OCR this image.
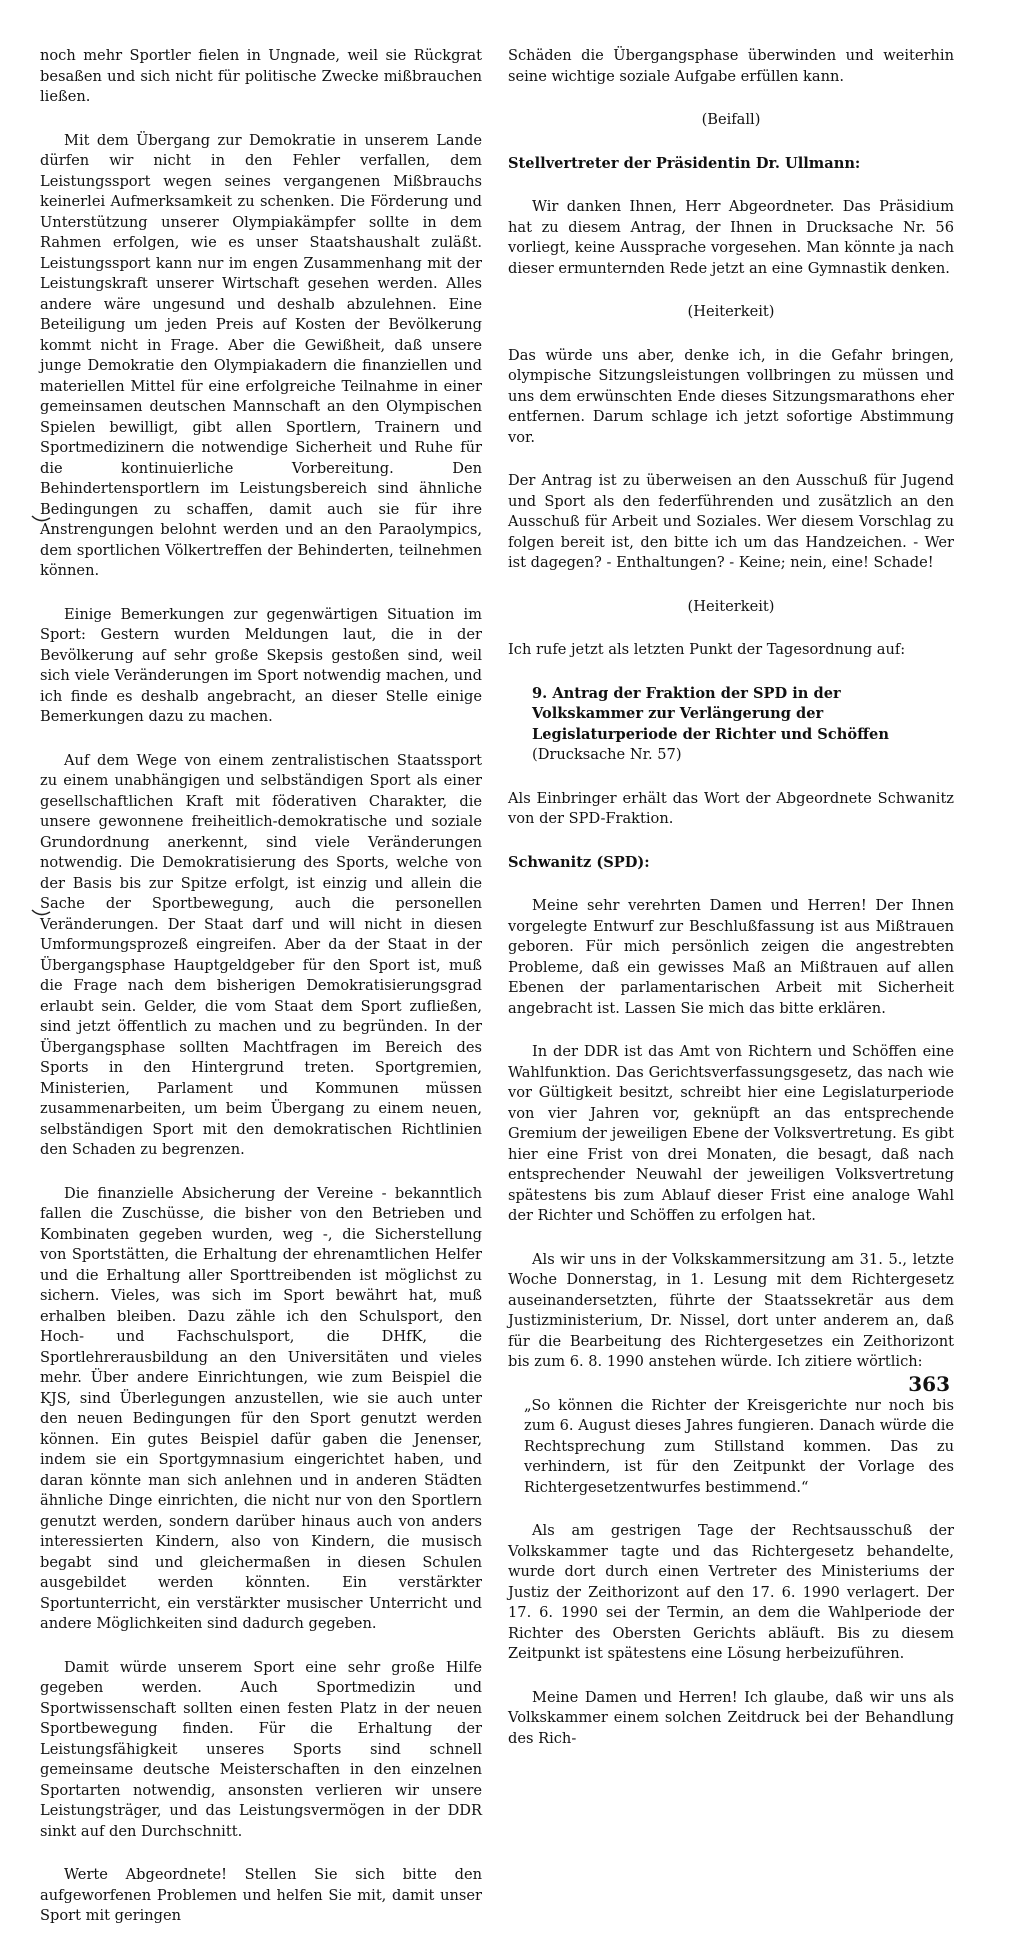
noch mehr Sportler fielen in Ungnade, weil sie Rückgrat besaßen und sich nicht für politische Zwecke mißbrauchen ließen.

Mit dem Übergang zur Demokratie in unserem Lande dürfen wir nicht in den Fehler verfallen, dem Leistungssport wegen seines vergangenen Mißbrauchs keinerlei Aufmerksamkeit zu schenken. Die Förderung und Unterstützung unserer Olympiakämpfer sollte in dem Rahmen erfolgen, wie es unser Staatshaushalt zuläßt. Leistungssport kann nur im engen Zusammenhang mit der Leistungskraft unserer Wirtschaft gesehen werden. Alles andere wäre ungesund und deshalb abzulehnen. Eine Beteiligung um jeden Preis auf Kosten der Bevölkerung kommt nicht in Frage. Aber die Gewißheit, daß unsere junge Demokratie den Olympiakadern die finanziellen und materiellen Mittel für eine erfolgreiche Teilnahme in einer gemeinsamen deutschen Mannschaft an den Olympischen Spielen bewilligt, gibt allen Sportlern, Trainern und Sportmedizinern die notwendige Sicherheit und Ruhe für die kontinuierliche Vorbereitung. Den Behindertensportlern im Leistungsbereich sind ähnliche Bedingungen zu schaffen, damit auch sie für ihre Anstrengungen belohnt werden und an den Paraolympics, dem sportlichen Völkertreffen der Behinderten, teilnehmen können.

Einige Bemerkungen zur gegenwärtigen Situation im Sport: Gestern wurden Meldungen laut, die in der Bevölkerung auf sehr große Skepsis gestoßen sind, weil sich viele Veränderungen im Sport notwendig machen, und ich finde es deshalb angebracht, an dieser Stelle einige Bemerkungen dazu zu machen.

Auf dem Wege von einem zentralistischen Staatssport zu einem unabhängigen und selbständigen Sport als einer gesellschaftlichen Kraft mit föderativen Charakter, die unsere gewonnene freiheitlich-demokratische und soziale Grundordnung anerkennt, sind viele Veränderungen notwendig. Die Demokratisierung des Sports, welche von der Basis bis zur Spitze erfolgt, ist einzig und allein die Sache der Sportbewegung, auch die personellen Veränderungen. Der Staat darf und will nicht in diesen Umformungsprozeß eingreifen. Aber da der Staat in der Übergangsphase Hauptgeldgeber für den Sport ist, muß die Frage nach dem bisherigen Demokratisierungsgrad erlaubt sein. Gelder, die vom Staat dem Sport zufließen, sind jetzt öffentlich zu machen und zu begründen. In der Übergangsphase sollten Machtfragen im Bereich des Sports in den Hintergrund treten. Sportgremien, Ministerien, Parlament und Kommunen müssen zusammenarbeiten, um beim Übergang zu einem neuen, selbständigen Sport mit den demokratischen Richtlinien den Schaden zu begrenzen.

Die finanzielle Absicherung der Vereine - bekanntlich fallen die Zuschüsse, die bisher von den Betrieben und Kombinaten gegeben wurden, weg -, die Sicherstellung von Sportstätten, die Erhaltung der ehrenamtlichen Helfer und die Erhaltung aller Sporttreibenden ist möglichst zu sichern. Vieles, was sich im Sport bewährt hat, muß erhalben bleiben. Dazu zähle ich den Schulsport, den Hoch- und Fachschulsport, die DHfK, die Sportlehrerausbildung an den Universitäten und vieles mehr. Über andere Einrichtungen, wie zum Beispiel die KJS, sind Überlegungen anzustellen, wie sie auch unter den neuen Bedingungen für den Sport genutzt werden können. Ein gutes Beispiel dafür gaben die Jenenser, indem sie ein Sportgymnasium eingerichtet haben, und daran könnte man sich anlehnen und in anderen Städten ähnliche Dinge einrichten, die nicht nur von den Sportlern genutzt werden, sondern darüber hinaus auch von anders interessierten Kindern, also von Kindern, die musisch begabt sind und gleichermaßen in diesen Schulen ausgebildet werden könnten. Ein verstärkter Sportunterricht, ein verstärkter musischer Unterricht und andere Möglichkeiten sind dadurch gegeben.

Damit würde unserem Sport eine sehr große Hilfe gegeben werden. Auch Sportmedizin und Sportwissenschaft sollten einen festen Platz in der neuen Sportbewegung finden. Für die Erhaltung der Leistungsfähigkeit unseres Sports sind schnell gemeinsame deutsche Meisterschaften in den einzelnen Sportarten notwendig, ansonsten verlieren wir unsere Leistungsträger, und das Leistungsvermögen in der DDR sinkt auf den Durchschnitt.

Werte Abgeordnete! Stellen Sie sich bitte den aufgeworfenen Problemen und helfen Sie mit, damit unser Sport mit geringen

Schäden die Übergangsphase überwinden und weiterhin seine wichtige soziale Aufgabe erfüllen kann.

(Beifall)

Stellvertreter der Präsidentin Dr. Ullmann:

Wir danken Ihnen, Herr Abgeordneter. Das Präsidium hat zu diesem Antrag, der Ihnen in Drucksache Nr. 56 vorliegt, keine Aussprache vorgesehen. Man könnte ja nach dieser ermunternden Rede jetzt an eine Gymnastik denken.

(Heiterkeit)

Das würde uns aber, denke ich, in die Gefahr bringen, olympische Sitzungsleistungen vollbringen zu müssen und uns dem erwünschten Ende dieses Sitzungsmarathons eher entfernen. Darum schlage ich jetzt sofortige Abstimmung vor.

Der Antrag ist zu überweisen an den Ausschuß für Jugend und Sport als den federführenden und zusätzlich an den Ausschuß für Arbeit und Soziales. Wer diesem Vorschlag zu folgen bereit ist, den bitte ich um das Handzeichen. - Wer ist dagegen? - Enthaltungen? - Keine; nein, eine! Schade!

(Heiterkeit)

Ich rufe jetzt als letzten Punkt der Tagesordnung auf:

9. Antrag der Fraktion der SPD in der Volkskammer zur Verlängerung der Legislaturperiode der Richter und Schöffen
(Drucksache Nr. 57)

Als Einbringer erhält das Wort der Abgeordnete Schwanitz von der SPD-Fraktion.

Schwanitz (SPD):

Meine sehr verehrten Damen und Herren! Der Ihnen vorgelegte Entwurf zur Beschlußfassung ist aus Mißtrauen geboren. Für mich persönlich zeigen die angestrebten Probleme, daß ein gewisses Maß an Mißtrauen auf allen Ebenen der parlamentarischen Arbeit mit Sicherheit angebracht ist. Lassen Sie mich das bitte erklären.

In der DDR ist das Amt von Richtern und Schöffen eine Wahlfunktion. Das Gerichtsverfassungsgesetz, das nach wie vor Gültigkeit besitzt, schreibt hier eine Legislaturperiode von vier Jahren vor, geknüpft an das entsprechende Gremium der jeweiligen Ebene der Volksvertretung. Es gibt hier eine Frist von drei Monaten, die besagt, daß nach entsprechender Neuwahl der jeweiligen Volksvertretung spätestens bis zum Ablauf dieser Frist eine analoge Wahl der Richter und Schöffen zu erfolgen hat.

Als wir uns in der Volkskammersitzung am 31. 5., letzte Woche Donnerstag, in 1. Lesung mit dem Richtergesetz auseinandersetzten, führte der Staatssekretär aus dem Justizministerium, Dr. Nissel, dort unter anderem an, daß für die Bearbeitung des Richtergesetzes ein Zeithorizont bis zum 6. 8. 1990 anstehen würde. Ich zitiere wörtlich:

„So können die Richter der Kreisgerichte nur noch bis zum 6. August dieses Jahres fungieren. Danach würde die Rechtsprechung zum Stillstand kommen. Das zu verhindern, ist für den Zeitpunkt der Vorlage des Richtergesetzentwurfes bestimmend.“

Als am gestrigen Tage der Rechtsausschuß der Volkskammer tagte und das Richtergesetz behandelte, wurde dort durch einen Vertreter des Ministeriums der Justiz der Zeithorizont auf den 17. 6. 1990 verlagert. Der 17. 6. 1990 sei der Termin, an dem die Wahlperiode der Richter des Obersten Gerichts abläuft. Bis zu diesem Zeitpunkt ist spätestens eine Lösung herbeizuführen.

Meine Damen und Herren! Ich glaube, daß wir uns als Volkskammer einem solchen Zeitdruck bei der Behandlung des Rich-

363
